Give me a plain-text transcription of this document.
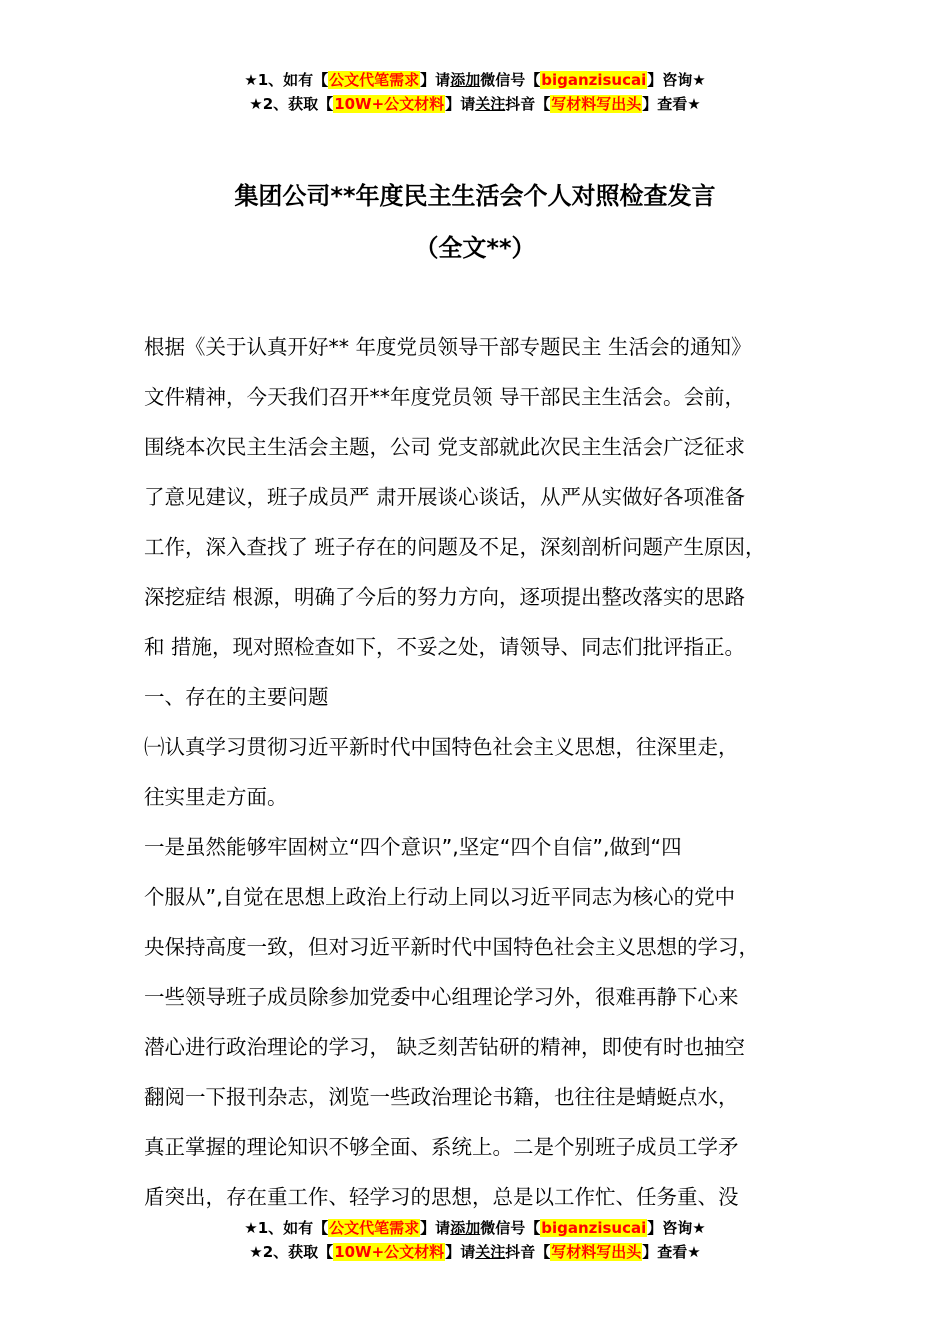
★1、如有【公文代笔需求】请添加微信号【biganzisucai】咨询★
★2、获取【10W+公文材料】请关注抖音【写材料写出头】查看★
集团公司**年度民主生活会个人对照检查发言
（全文**）

根据《关于认真开好** 年度党员领导干部专题民主 生活会的通知》

文件精神，今天我们召开**年度党员领 导干部民主生活会。会前，

围绕本次民主生活会主题，公司 党支部就此次民主生活会广泛征求

了意见建议，班子成员严 肃开展谈心谈话，从严从实做好各项准备

工作，深入查找了 班子存在的问题及不足，深刻剖析问题产生原因，

深挖症结 根源，明确了今后的努力方向，逐项提出整改落实的思路

和 措施，现对照检查如下，不妥之处，请领导、同志们批评指正。

一、存在的主要问题

㈠认真学习贯彻习近平新时代中国特色社会主义思想，往深里走，

往实里走方面。

一是虽然能够牢固树立“四个意识”,坚定“四个自信”,做到“四

个服从”,自觉在思想上政治上行动上同以习近平同志为核心的党中

央保持高度一致，但对习近平新时代中国特色社会主义思想的学习，

一些领导班子成员除参加党委中心组理论学习外，很难再静下心来

潜心进行政治理论的学习， 缺乏刻苦钻研的精神，即使有时也抽空

翻阅一下报刊杂志，浏览一些政治理论书籍，也往往是蜻蜓点水，

真正掌握的理论知识不够全面、系统上。二是个别班子成员工学矛

盾突出，存在重工作、轻学习的思想，总是以工作忙、任务重、没

★1、如有【公文代笔需求】请添加微信号【biganzisucai】咨询★
★2、获取【10W+公文材料】请关注抖音【写材料写出头】查看★
